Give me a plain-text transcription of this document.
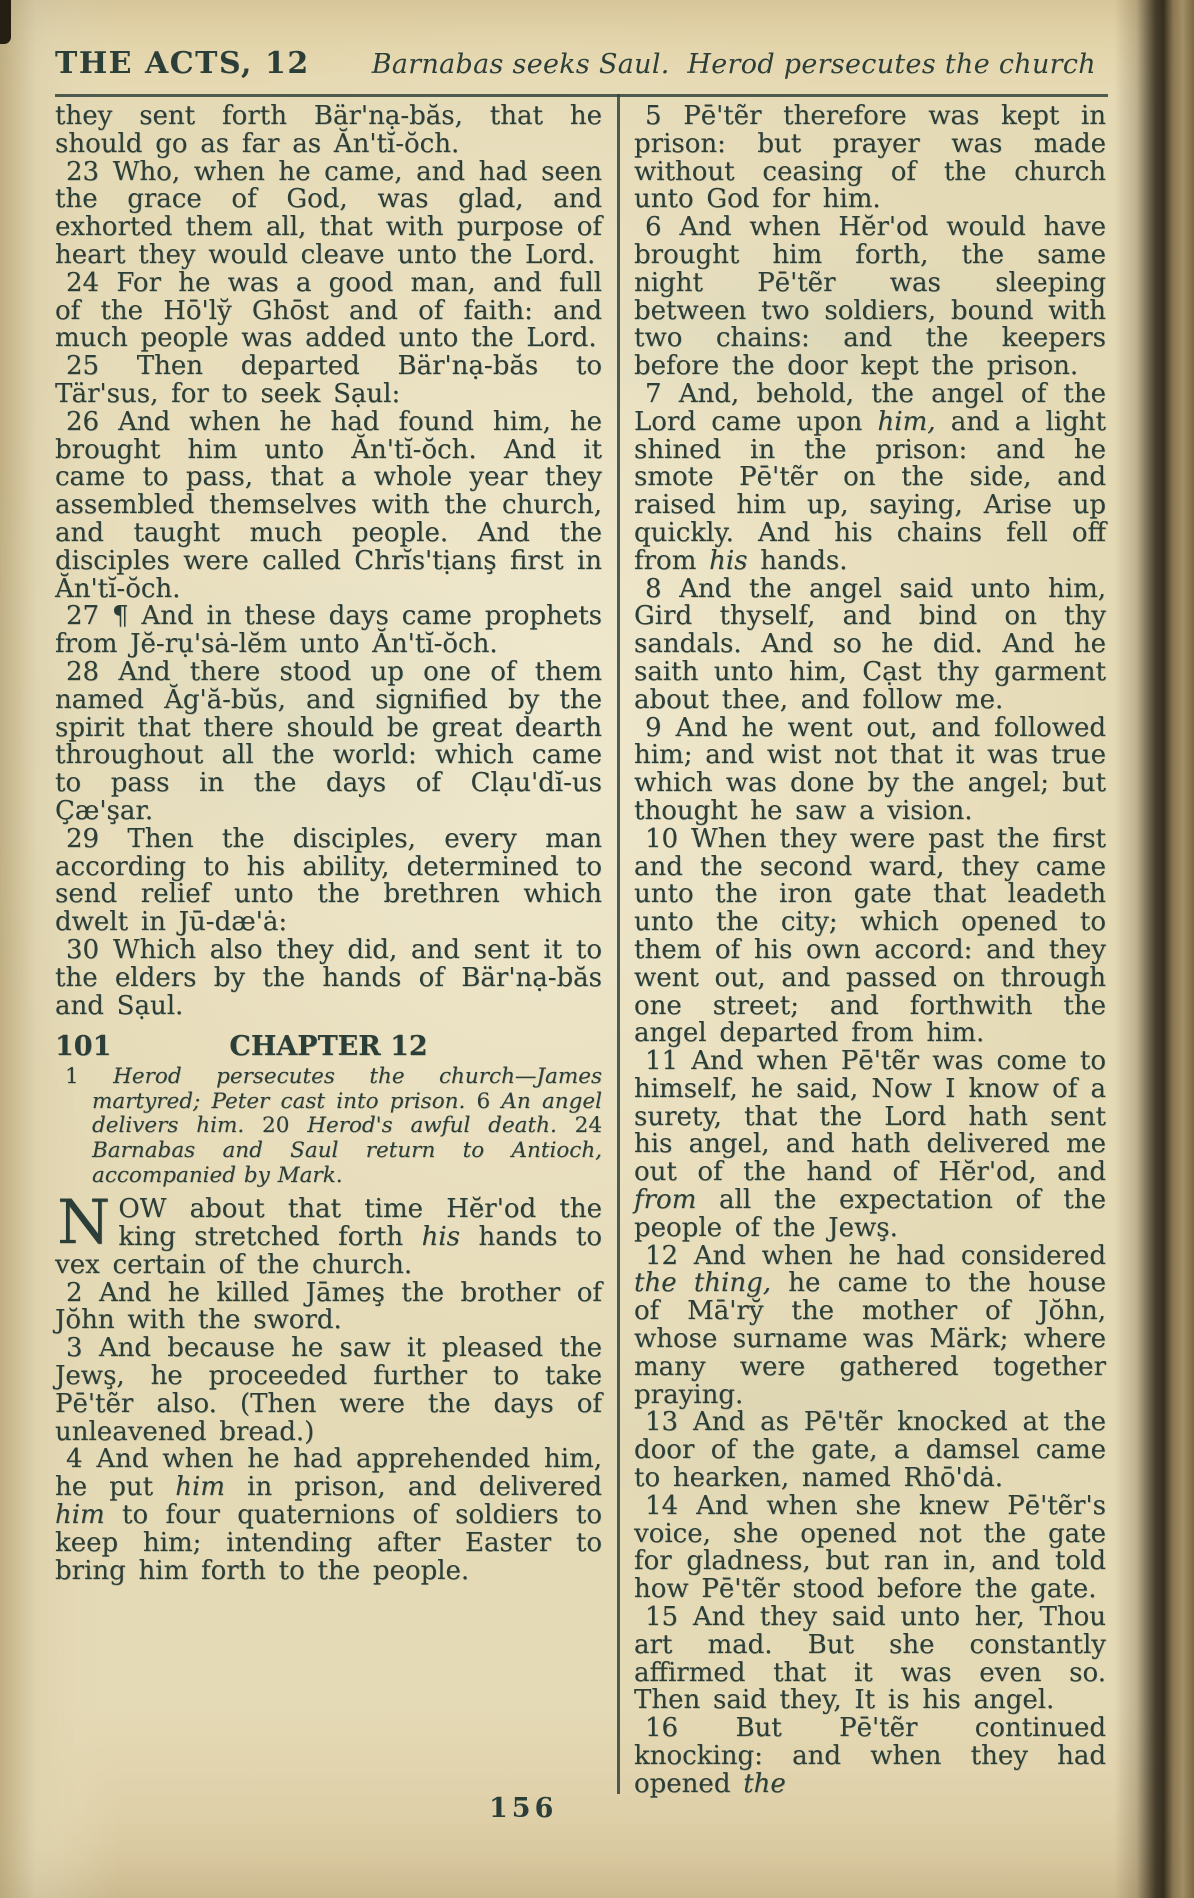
THE ACTS, 12 Barnabas seeks Saul.  Herod persecutes the church

they sent forth Bär'nạ-băs, that he should go as far as Ăn'tĭ-ŏch.

23 Who, when he came, and had seen the grace of God, was glad, and exhorted them all, that with purpose of heart they would cleave unto the Lord.

24 For he was a good man, and full of the Hō'ly̆ Ghōst and of faith: and much people was added unto the Lord.

25 Then departed Bär'nạ-băs to Tär'sus, for to seek Sạul:

26 And when he had found him, he brought him unto Ăn'tĭ-ŏch. And it came to pass, that a whole year they assembled themselves with the church, and taught much people. And the disciples were called Chrĭs'tịanş first in Ăn'tĭ-ŏch.

27 ¶ And in these days came prophets from Jĕ-rụ'sȧ-lĕm unto Ăn'tĭ-ŏch.

28 And there stood up one of them named Ăg'ă-bŭs, and signified by the spirit that there should be great dearth throughout all the world: which came to pass in the days of Clạu'dĭ-us Çæ'şar.

29 Then the disciples, every man according to his ability, determined to send relief unto the brethren which dwelt in Jū-dæ'ȧ:

30 Which also they did, and sent it to the elders by the hands of Bär'nạ-băs and Sạul.

101	CHAPTER 12

1 Herod persecutes the church—James martyred; Peter cast into prison. 6 An angel delivers him. 20 Herod's awful death. 24 Barnabas and Saul return to Antioch, accompanied by Mark.

NOW about that time Hĕr'od the king stretched forth his hands to vex certain of the church.

2 And he killed Jāmeş the brother of Jŏhn with the sword.

3 And because he saw it pleased the Jewş, he proceeded further to take Pē'tẽr also. (Then were the days of unleavened bread.)

4 And when he had apprehended him, he put him in prison, and delivered him to four quaternions of soldiers to keep him; intending after Easter to bring him forth to the people.

5 Pē'tẽr therefore was kept in prison: but prayer was made without ceasing of the church unto God for him.

6 And when Hĕr'od would have brought him forth, the same night Pē'tẽr was sleeping between two soldiers, bound with two chains: and the keepers before the door kept the prison.

7 And, behold, the angel of the Lord came upon him, and a light shined in the prison: and he smote Pē'tẽr on the side, and raised him up, saying, Arise up quickly. And his chains fell off from his hands.

8 And the angel said unto him, Gird thyself, and bind on thy sandals. And so he did. And he saith unto him, Cạst thy garment about thee, and follow me.

9 And he went out, and followed him; and wist not that it was true which was done by the angel; but thought he saw a vision.

10 When they were past the first and the second ward, they came unto the iron gate that leadeth unto the city; which opened to them of his own accord: and they went out, and passed on through one street; and forthwith the angel departed from him.

11 And when Pē'tẽr was come to himself, he said, Now I know of a surety, that the Lord hath sent his angel, and hath delivered me out of the hand of Hĕr'od, and from all the expectation of the people of the Jewş.

12 And when he had considered the thing, he came to the house of Mā'ry̆ the mother of Jŏhn, whose surname was Märk; where many were gathered together praying.

13 And as Pē'tẽr knocked at the door of the gate, a damsel came to hearken, named Rhō'dȧ.

14 And when she knew Pē'tẽr's voice, she opened not the gate for gladness, but ran in, and told how Pē'tẽr stood before the gate.

15 And they said unto her, Thou art mad. But she constantly affirmed that it was even so. Then said they, It is his angel.

16 But Pē'tẽr continued knocking: and when they had opened the

156
